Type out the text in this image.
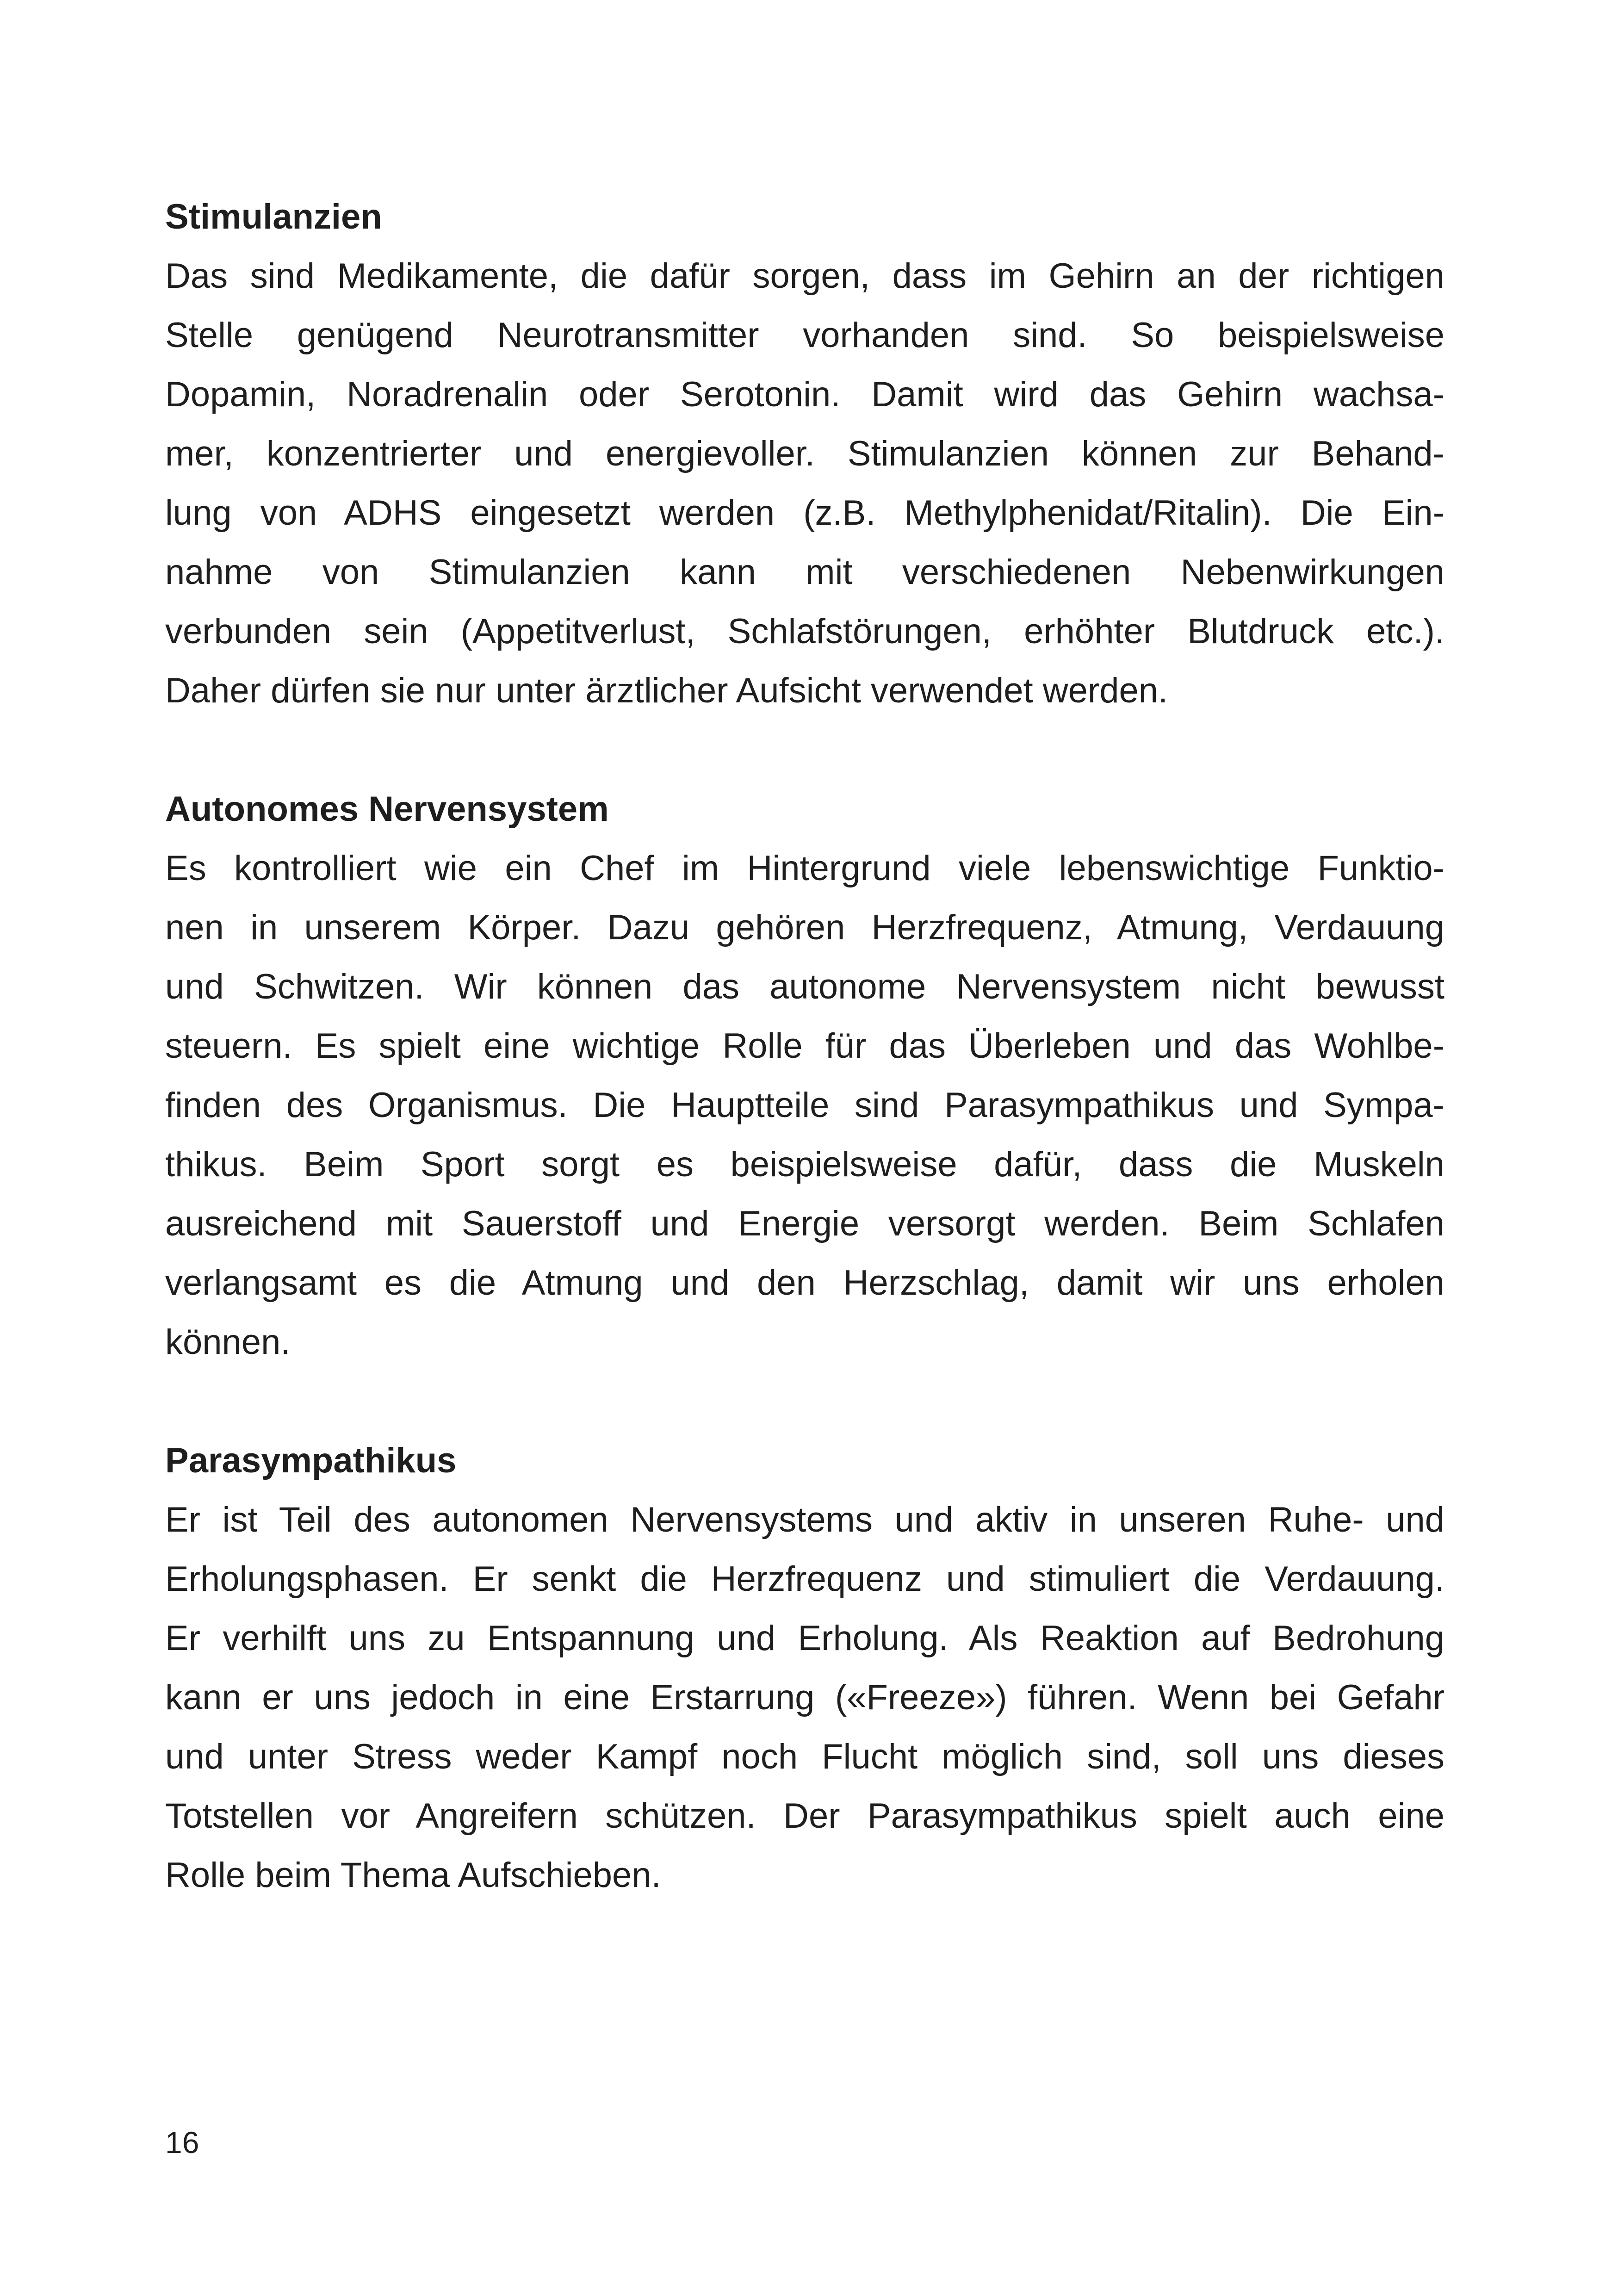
Stimulanzien

Das sind Medikamente, die dafür sorgen, dass im Gehirn an der richtigen
Stelle genügend Neurotransmitter vorhanden sind. So beispielsweise
Dopamin, Noradrenalin oder Serotonin. Damit wird das Gehirn wachsa-
mer, konzentrierter und energievoller. Stimulanzien können zur Behand-
lung von ADHS eingesetzt werden (z.B. Methylphenidat/Ritalin). Die Ein-
nahme von Stimulanzien kann mit verschiedenen Nebenwirkungen
verbunden sein (Appetitverlust, Schlafstörungen, erhöhter Blutdruck etc.).
Daher dürfen sie nur unter ärztlicher Aufsicht verwendet werden.

Autonomes Nervensystem

Es kontrolliert wie ein Chef im Hintergrund viele lebenswichtige Funktio-
nen in unserem Körper. Dazu gehören Herzfrequenz, Atmung, Verdauung
und Schwitzen. Wir können das autonome Nervensystem nicht bewusst
steuern. Es spielt eine wichtige Rolle für das Überleben und das Wohlbe-
finden des Organismus. Die Hauptteile sind Parasympathikus und Sympa-
thikus. Beim Sport sorgt es beispielsweise dafür, dass die Muskeln
ausreichend mit Sauerstoff und Energie versorgt werden. Beim Schlafen
verlangsamt es die Atmung und den Herzschlag, damit wir uns erholen
können.

Parasympathikus

Er ist Teil des autonomen Nervensystems und aktiv in unseren Ruhe- und
Erholungsphasen. Er senkt die Herzfrequenz und stimuliert die Verdauung.
Er verhilft uns zu Entspannung und Erholung. Als Reaktion auf Bedrohung
kann er uns jedoch in eine Erstarrung («Freeze») führen. Wenn bei Gefahr
und unter Stress weder Kampf noch Flucht möglich sind, soll uns dieses
Totstellen vor Angreifern schützen. Der Parasympathikus spielt auch eine
Rolle beim Thema Aufschieben.

16
